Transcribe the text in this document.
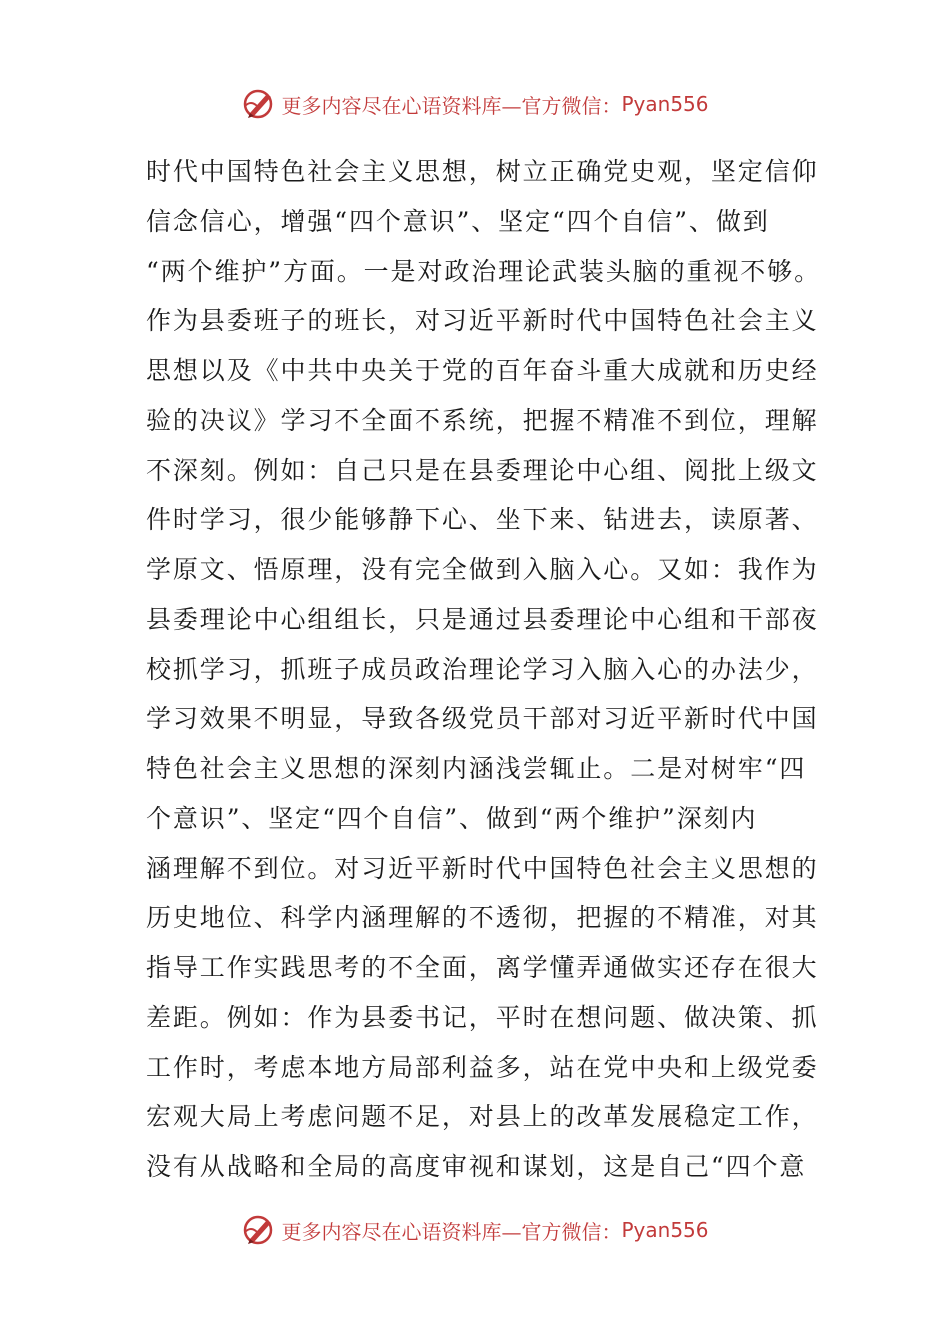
更多内容尽在心语资料库—官方微信： Pyan556
时代中国特色社会主义思想，树立正确党史观，坚定信仰
信念信心，增强“四个意识”、坚定“四个自信”、做到
“两个维护”方面。一是对政治理论武装头脑的重视不够。
作为县委班子的班长，对习近平新时代中国特色社会主义
思想以及《中共中央关于党的百年奋斗重大成就和历史经
验的决议》学习不全面不系统，把握不精准不到位，理解
不深刻。例如：自己只是在县委理论中心组、阅批上级文
件时学习，很少能够静下心、坐下来、钻进去，读原著、
学原文、悟原理，没有完全做到入脑入心。又如：我作为
县委理论中心组组长，只是通过县委理论中心组和干部夜
校抓学习，抓班子成员政治理论学习入脑入心的办法少，
学习效果不明显，导致各级党员干部对习近平新时代中国
特色社会主义思想的深刻内涵浅尝辄止。二是对树牢“四
个意识”、坚定“四个自信”、做到“两个维护”深刻内
涵理解不到位。对习近平新时代中国特色社会主义思想的
历史地位、科学内涵理解的不透彻，把握的不精准，对其
指导工作实践思考的不全面，离学懂弄通做实还存在很大
差距。例如：作为县委书记，平时在想问题、做决策、抓
工作时，考虑本地方局部利益多，站在党中央和上级党委
宏观大局上考虑问题不足，对县上的改革发展稳定工作，
没有从战略和全局的高度审视和谋划，这是自己“四个意
更多内容尽在心语资料库—官方微信： Pyan556
